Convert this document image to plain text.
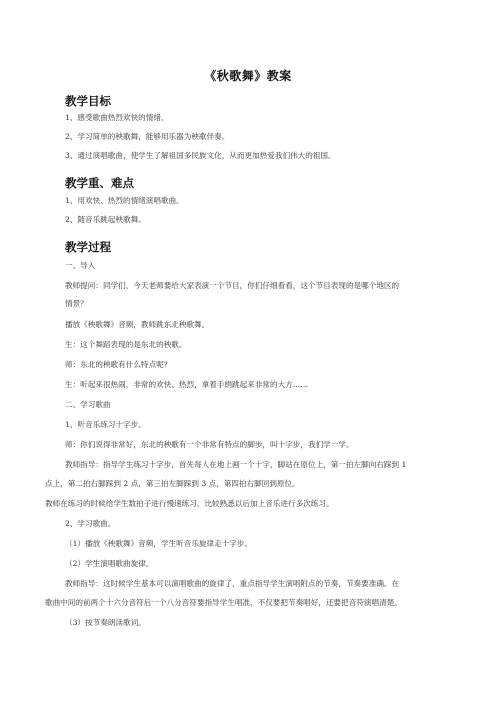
《秋歌舞》教案
教学目标
1、感受歌曲热烈欢快的情绪。
2、学习简单的秧歌舞，能够用乐器为秧歌伴奏。
3、通过演唱歌曲，使学生了解祖国多民族文化，从而更加热爱我们伟大的祖国。
教学重、难点
1、用欢快、热烈的情绪演唱歌曲。
2、随音乐跳起秧歌舞。
教学过程
一、导入
教师提问：同学们，今天老师要给大家表演一个节目，你们仔细看看，这个节目表现的是哪个地区的
情景？
播放《秧歌舞》音频，教师跳东北秧歌舞。
生：这个舞蹈表现的是东北的秧歌。
师：东北的秧歌有什么特点呢？
生：听起来很热闹，非常的欢快、热烈，拿着手绢跳起来非常的大方……
二、学习歌曲
1、听音乐练习十字步。
师：你们说得非常好，东北的秧歌有一个非常有特点的脚步，叫十字步，我们学一学。
教师指导：指导学生练习十字步，首先每人在地上画一个十字，脚站在原位上，第一拍左脚向右踩到 1
点上，第二拍右脚踩到 2 点，第三拍左脚踩到 3 点，第四拍右脚回到原位。
教师在练习的时候给学生数拍子进行慢速练习，比较熟悉以后加上音乐进行多次练习。
2、学习歌曲。
（1）播放《秧歌舞》音频，学生听音乐旋律走十字步。
（2）学生演唱歌曲旋律。
教师指导：这时候学生基本可以演唱歌曲的旋律了，重点指导学生演唱附点的节奏，节奏要准确。在
歌曲中间的前两个十六分音符后一个八分音符要指导学生唱准，不仅要把节奏唱好，还要把音符演唱清楚。
（3）按节奏朗读歌词。
